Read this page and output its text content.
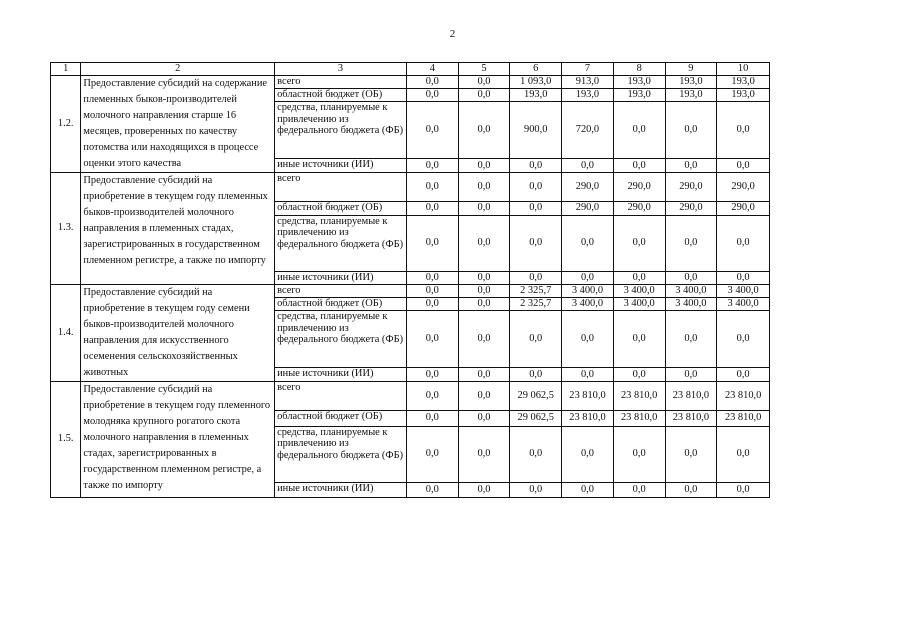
2
1	2	3	4	5	6	7	8	9	10
1.2.	Предоставление субсидий на содержание племенных быков-производителей молочного направления старше 16 месяцев, проверенных по качеству потомства или находящихся в процессе оценки этого качества	всего	0,0	0,0	1 093,0	913,0	193,0	193,0	193,0
		областной бюджет (ОБ)	0,0	0,0	193,0	193,0	193,0	193,0	193,0
		средства, планируемые к привлечению из федерального бюджета (ФБ)	0,0	0,0	900,0	720,0	0,0	0,0	0,0
		иные источники (ИИ)	0,0	0,0	0,0	0,0	0,0	0,0	0,0
1.3.	Предоставление субсидий на приобретение в текущем году племенных быков-производителей молочного направления в племенных стадах, зарегистрированных в государственном племенном регистре, а также по импорту	всего	0,0	0,0	0,0	290,0	290,0	290,0	290,0
		областной бюджет (ОБ)	0,0	0,0	0,0	290,0	290,0	290,0	290,0
		средства, планируемые к привлечению из федерального бюджета (ФБ)	0,0	0,0	0,0	0,0	0,0	0,0	0,0
		иные источники (ИИ)	0,0	0,0	0,0	0,0	0,0	0,0	0,0
1.4.	Предоставление субсидий на приобретение в текущем году семени быков-производителей молочного направления для искусственного осеменения сельскохозяйственных животных	всего	0,0	0,0	2 325,7	3 400,0	3 400,0	3 400,0	3 400,0
		областной бюджет (ОБ)	0,0	0,0	2 325,7	3 400,0	3 400,0	3 400,0	3 400,0
		средства, планируемые к привлечению из федерального бюджета (ФБ)	0,0	0,0	0,0	0,0	0,0	0,0	0,0
		иные источники (ИИ)	0,0	0,0	0,0	0,0	0,0	0,0	0,0
1.5.	Предоставление субсидий на приобретение в текущем году племенного молодняка крупного рогатого скота молочного направления в племенных стадах, зарегистрированных в государственном племенном регистре, а также по импорту	всего	0,0	0,0	29 062,5	23 810,0	23 810,0	23 810,0	23 810,0
		областной бюджет (ОБ)	0,0	0,0	29 062,5	23 810,0	23 810,0	23 810,0	23 810,0
		средства, планируемые к привлечению из федерального бюджета (ФБ)	0,0	0,0	0,0	0,0	0,0	0,0	0,0
		иные источники (ИИ)	0,0	0,0	0,0	0,0	0,0	0,0	0,0
